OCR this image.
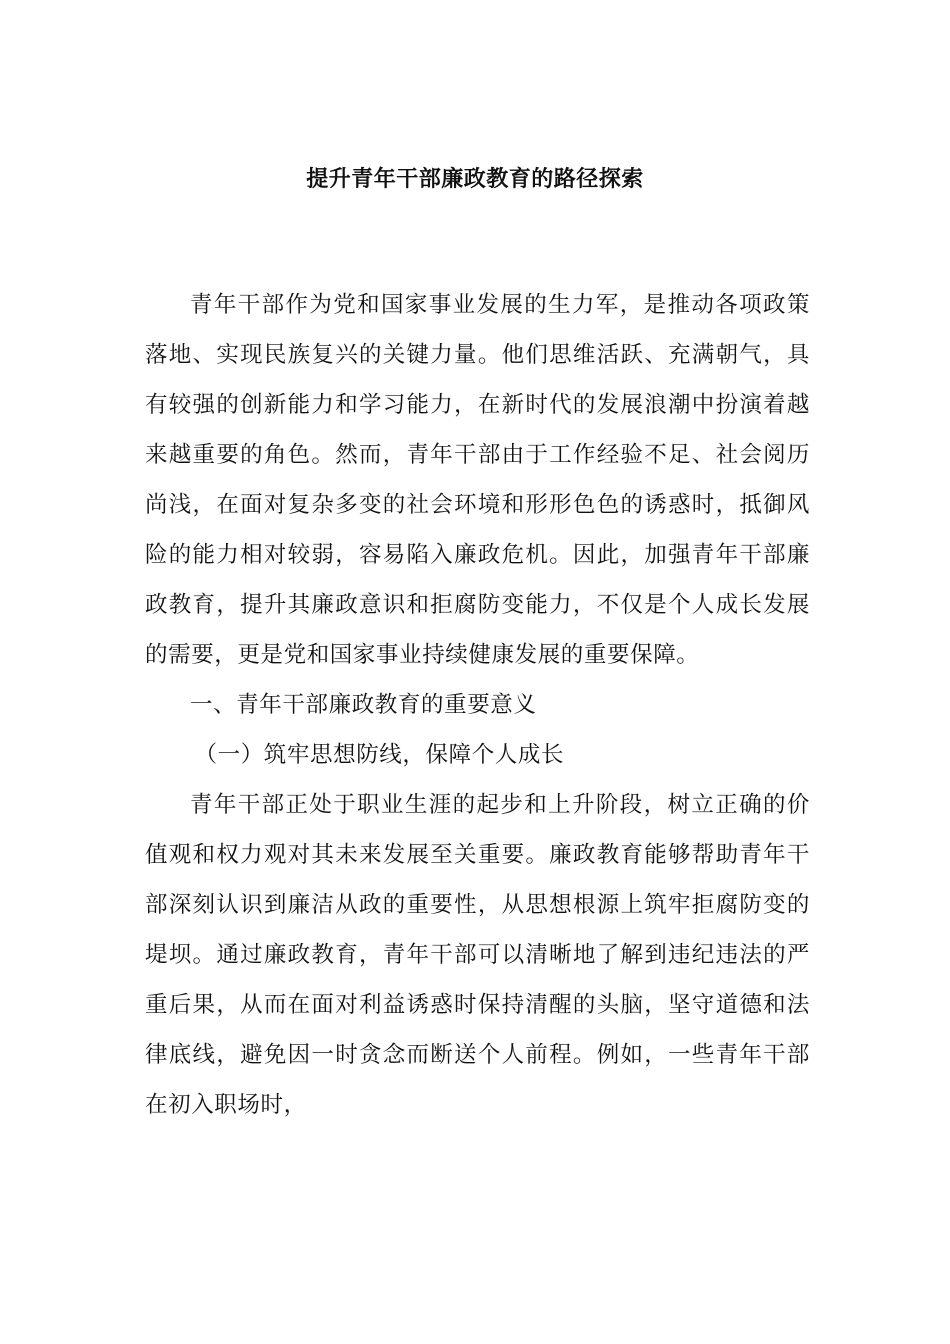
提升青年干部廉政教育的路径探索

青年干部作为党和国家事业发展的生力军，是推动各项政策落地、实现民族复兴的关键力量。他们思维活跃、充满朝气，具有较强的创新能力和学习能力，在新时代的发展浪潮中扮演着越来越重要的角色。然而，青年干部由于工作经验不足、社会阅历尚浅，在面对复杂多变的社会环境和形形色色的诱惑时，抵御风险的能力相对较弱，容易陷入廉政危机。因此，加强青年干部廉政教育，提升其廉政意识和拒腐防变能力，不仅是个人成长发展的需要，更是党和国家事业持续健康发展的重要保障。

一、青年干部廉政教育的重要意义

（一）筑牢思想防线，保障个人成长

青年干部正处于职业生涯的起步和上升阶段，树立正确的价值观和权力观对其未来发展至关重要。廉政教育能够帮助青年干部深刻认识到廉洁从政的重要性，从思想根源上筑牢拒腐防变的堤坝。通过廉政教育，青年干部可以清晰地了解到违纪违法的严重后果，从而在面对利益诱惑时保持清醒的头脑，坚守道德和法律底线，避免因一时贪念而断送个人前程。例如，一些青年干部在初入职场时，
